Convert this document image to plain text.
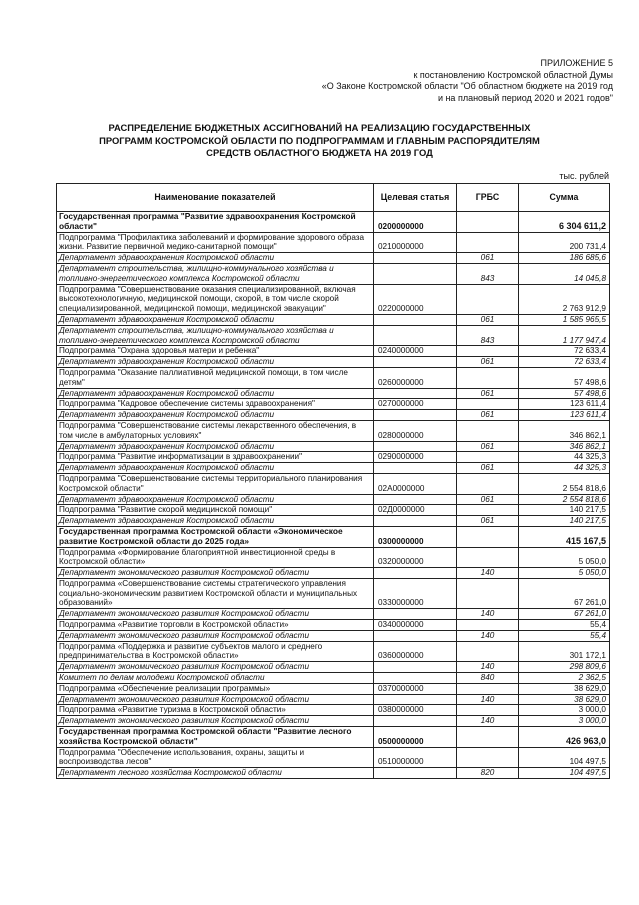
ПРИЛОЖЕНИЕ 5
к постановлению Костромской областной Думы
«О Законе Костромской области "Об областном бюджете на 2019 год
и на плановый период 2020 и 2021 годов"
РАСПРЕДЕЛЕНИЕ БЮДЖЕТНЫХ АССИГНОВАНИЙ НА РЕАЛИЗАЦИЮ ГОСУДАРСТВЕННЫХ
ПРОГРАММ КОСТРОМСКОЙ ОБЛАСТИ ПО ПОДПРОГРАММАМ И ГЛАВНЫМ РАСПОРЯДИТЕЛЯМ
СРЕДСТВ ОБЛАСТНОГО БЮДЖЕТА НА 2019 ГОД
тыс. рублей
Наименование показателей	Целевая статья	ГРБС	Сумма
Государственная программа "Развитие здравоохранения Костромской области"	0200000000		6 304 611,2
Подпрограмма "Профилактика заболеваний и формирование здорового образа жизни. Развитие первичной медико-санитарной помощи"	0210000000		200 731,4
Департамент здравоохранения Костромской области		061	186 685,6
Департамент строительства, жилищно-коммунального хозяйства и топливно-энергетического комплекса Костромской области		843	14 045,8
Подпрограмма "Совершенствование оказания специализированной, включая высокотехнологичную, медицинской помощи, скорой, в том числе скорой специализированной, медицинской помощи, медицинской эвакуации"	0220000000		2 763 912,9
Департамент здравоохранения Костромской области		061	1 585 965,5
Департамент строительства, жилищно-коммунального хозяйства и топливно-энергетического комплекса Костромской области		843	1 177 947,4
Подпрограмма "Охрана здоровья матери и ребенка"	0240000000		72 633,4
Департамент здравоохранения Костромской области		061	72 633,4
Подпрограмма "Оказание паллиативной медицинской помощи, в том числе детям"	0260000000		57 498,6
Департамент здравоохранения Костромской области		061	57 498,6
Подпрограмма "Кадровое обеспечение системы здравоохранения"	0270000000		123 611,4
Департамент здравоохранения Костромской области		061	123 611,4
Подпрограмма "Совершенствование системы лекарственного обеспечения, в том числе в амбулаторных условиях"	0280000000		346 862,1
Департамент здравоохранения Костромской области		061	346 862,1
Подпрограмма "Развитие информатизации в здравоохранении"	0290000000		44 325,3
Департамент здравоохранения Костромской области		061	44 325,3
Подпрограмма "Совершенствование системы территориального планирования Костромской области"	02А0000000		2 554 818,6
Департамент здравоохранения Костромской области		061	2 554 818,6
Подпрограмма "Развитие скорой медицинской помощи"	02Д0000000		140 217,5
Департамент здравоохранения Костромской области		061	140 217,5
Государственная программа Костромской области «Экономическое развитие Костромской области до 2025 года»	0300000000		415 167,5
Подпрограмма «Формирование благоприятной инвестиционной среды в Костромской области»	0320000000		5 050,0
Департамент экономического развития Костромской области		140	5 050,0
Подпрограмма «Совершенствование системы стратегического управления социально-экономическим развитием Костромской области и муниципальных образований»	0330000000		67 261,0
Департамент экономического развития Костромской области		140	67 261,0
Подпрограмма «Развитие торговли в Костромской области»	0340000000		55,4
Департамент экономического развития Костромской области		140	55,4
Подпрограмма «Поддержка и развитие субъектов малого и среднего предпринимательства в Костромской области»	0360000000		301 172,1
Департамент экономического развития Костромской области		140	298 809,6
Комитет по делам молодежи Костромской области		840	2 362,5
Подпрограмма «Обеспечение реализации программы»	0370000000		38 629,0
Департамент экономического развития Костромской области		140	38 629,0
Подпрограмма «Развитие туризма в Костромской области»	0380000000		3 000,0
Департамент экономического развития Костромской области		140	3 000,0
Государственная программа Костромской области "Развитие лесного хозяйства Костромской области"	0500000000		426 963,0
Подпрограмма "Обеспечение использования, охраны, защиты и воспроизводства лесов"	0510000000		104 497,5
Департамент лесного хозяйства Костромской области		820	104 497,5
